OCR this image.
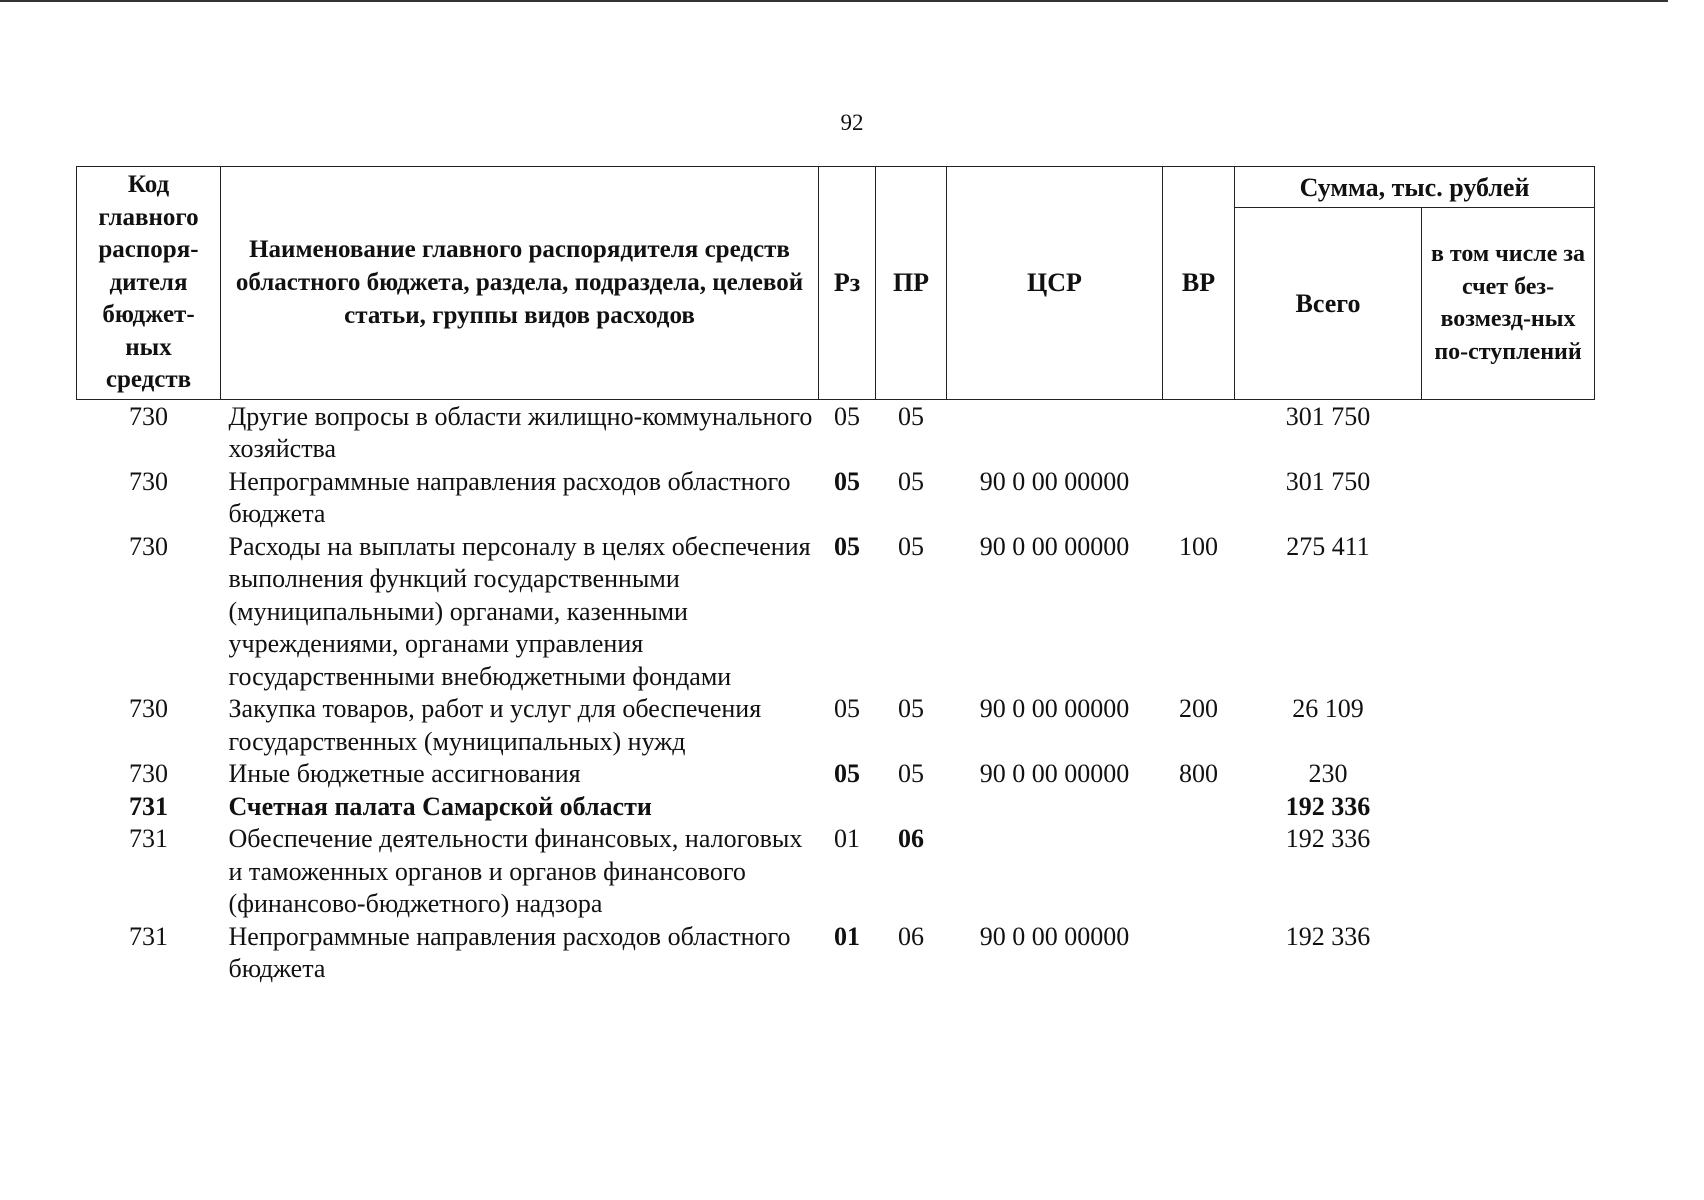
92
Код главного распоря-дителя бюджет-ных средств	Наименование главного распорядителя средств областного бюджета, раздела, подраздела, целевой статьи, группы видов расходов	Рз	ПР	ЦСР	ВР	Сумма, тыс. рублей	
						Всего	в том числе за счет без-возмезд-ных по-ступлений
730	Другие вопросы в области жилищно-коммунального хозяйства	05	05			301 750	
730	Непрограммные направления расходов областного бюджета	05	05	90 0 00 00000		301 750	
730	Расходы на выплаты персоналу в целях обеспечения выполнения функций государственными (муниципальными) органами, казенными учреждениями, органами управления государственными внебюджетными фондами	05	05	90 0 00 00000	100	275 411	
730	Закупка товаров, работ и услуг для обеспечения государственных (муниципальных) нужд	05	05	90 0 00 00000	200	26 109	
730	Иные бюджетные ассигнования	05	05	90 0 00 00000	800	230	
731	Счетная палата Самарской области					192 336	
731	Обеспечение деятельности финансовых, налоговых и таможенных органов и органов финансового (финансово-бюджетного) надзора	01	06			192 336	
731	Непрограммные направления расходов областного бюджета	01	06	90 0 00 00000		192 336	
